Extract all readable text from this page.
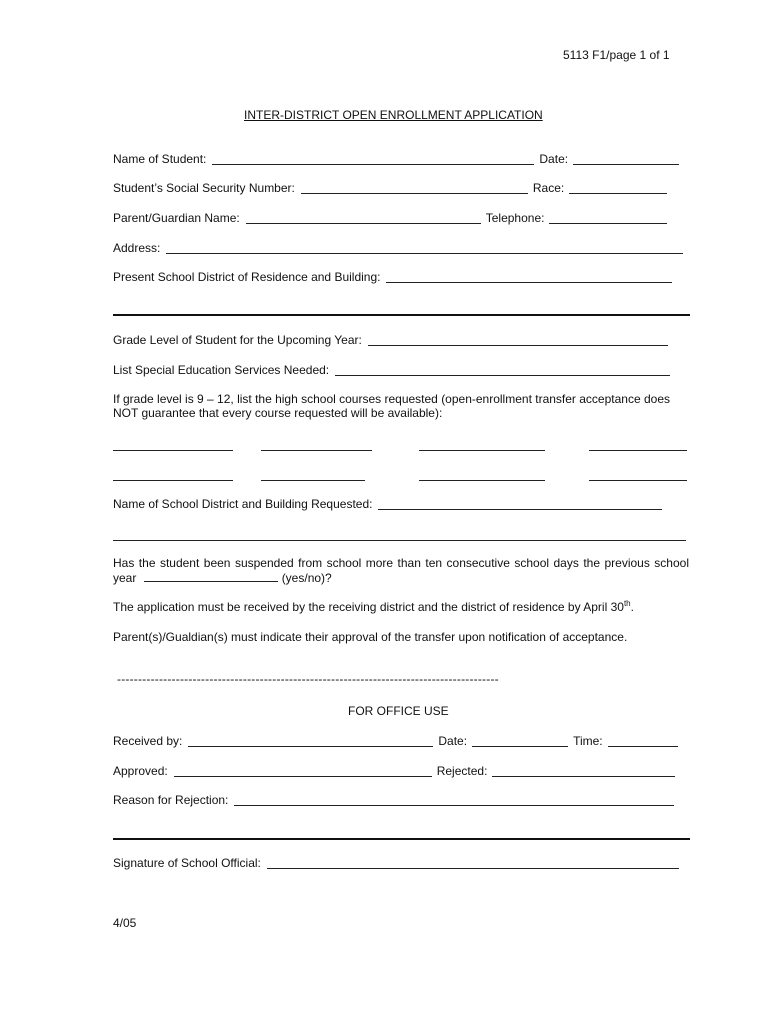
5113 F1/page 1 of 1
INTER-DISTRICT OPEN ENROLLMENT APPLICATION
Name of Student:	Date:
Student’s Social Security Number:	Race:
Parent/Guardian Name:	Telephone:
Address:
Present School District of Residence and Building:
Grade Level of Student for the Upcoming Year:
List Special Education Services Needed:
If grade level is 9 – 12, list the high school courses requested (open-enrollment transfer acceptance does NOT guarantee that every course requested will be available):
Name of School District and Building Requested:
Has the student been suspended from school more than ten consecutive school days the previous school year	(yes/no)?
The application must be received by the receiving district and the district of residence by April 30th.
Parent(s)/Gualdian(s) must indicate their approval of the transfer upon notification of acceptance.
-------------------------------------------------------------------------------------------
FOR OFFICE USE
Received by:	Date:	Time:
Approved:	Rejected:
Reason for Rejection:
Signature of School Official:
4/05
